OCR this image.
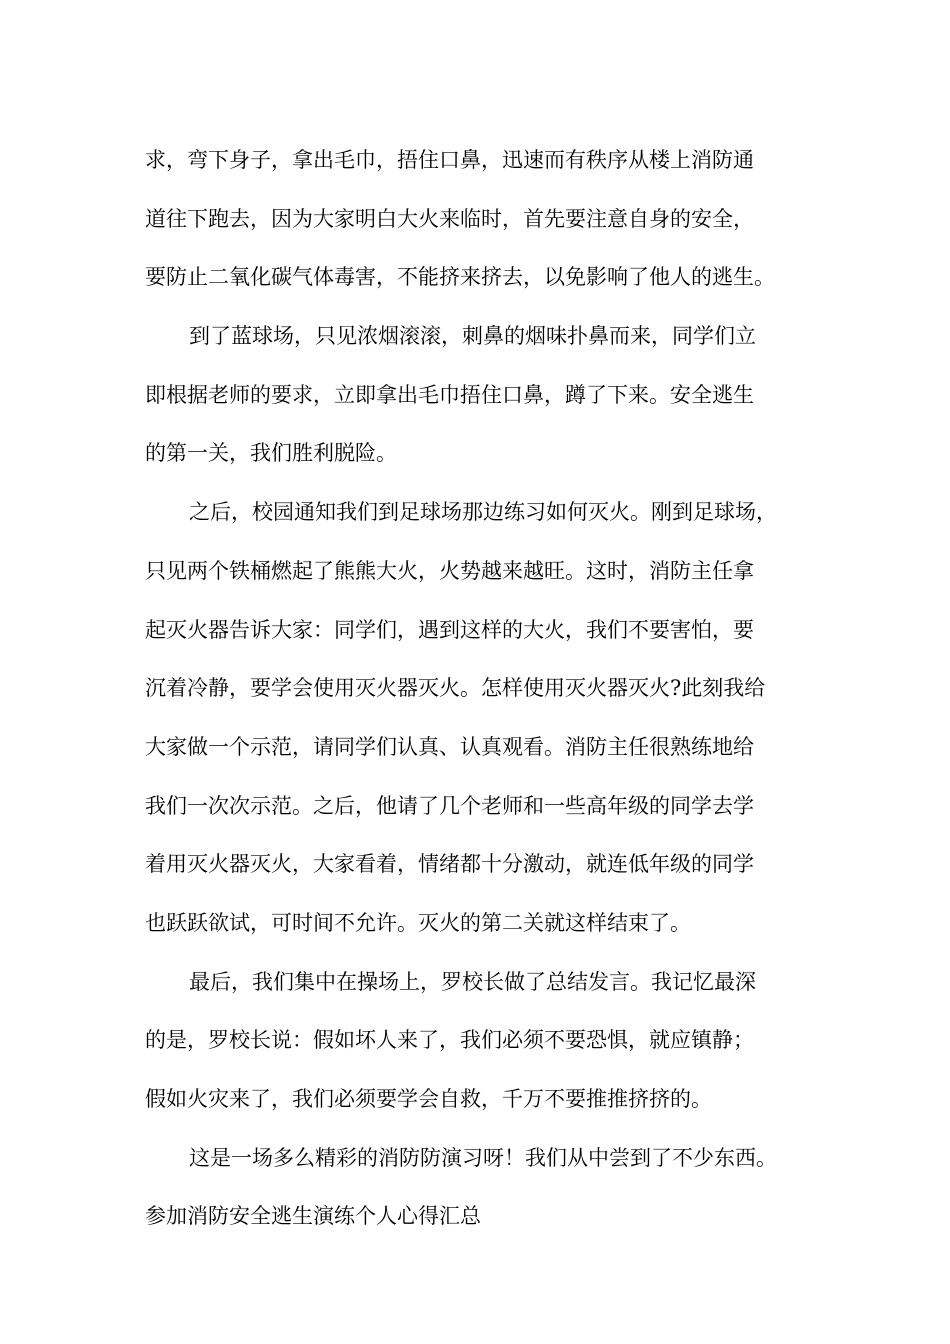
求，弯下身子，拿出毛巾，捂住口鼻，迅速而有秩序从楼上消防通
道往下跑去，因为大家明白大火来临时，首先要注意自身的安全，
要防止二氧化碳气体毒害，不能挤来挤去，以免影响了他人的逃生。
到了蓝球场，只见浓烟滚滚，刺鼻的烟味扑鼻而来，同学们立
即根据老师的要求，立即拿出毛巾捂住口鼻，蹲了下来。安全逃生
的第一关，我们胜利脱险。
之后，校园通知我们到足球场那边练习如何灭火。刚到足球场，
只见两个铁桶燃起了熊熊大火，火势越来越旺。这时，消防主任拿
起灭火器告诉大家：同学们，遇到这样的大火，我们不要害怕，要
沉着冷静，要学会使用灭火器灭火。怎样使用灭火器灭火?此刻我给
大家做一个示范，请同学们认真、认真观看。消防主任很熟练地给
我们一次次示范。之后，他请了几个老师和一些高年级的同学去学
着用灭火器灭火，大家看着，情绪都十分激动，就连低年级的同学
也跃跃欲试，可时间不允许。灭火的第二关就这样结束了。
最后，我们集中在操场上，罗校长做了总结发言。我记忆最深
的是，罗校长说：假如坏人来了，我们必须不要恐惧，就应镇静；
假如火灾来了，我们必须要学会自救，千万不要推推挤挤的。
这是一场多么精彩的消防防演习呀！我们从中尝到了不少东西。
参加消防安全逃生演练个人心得汇总
